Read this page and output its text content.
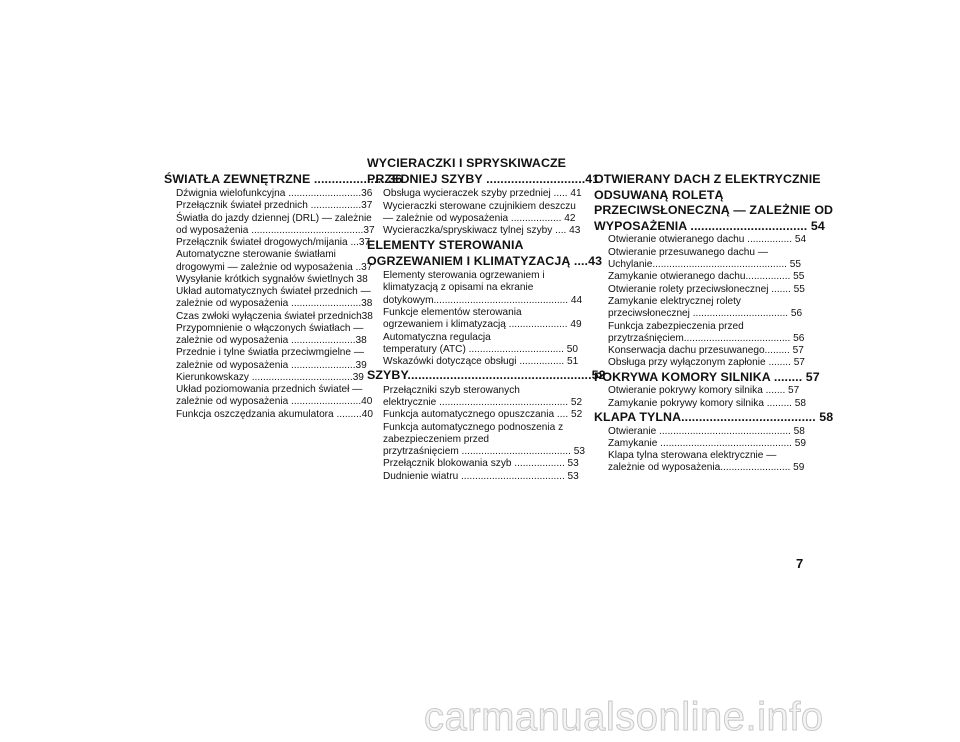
ŚWIATŁA ZEWNĘTRZNE .................... 36
Dźwignia wielofunkcyjna ..........................36
Przełącznik świateł przednich ..................37
Światła do jazdy dziennej (DRL) — zależnie
od wyposażenia ........................................37
Przełącznik świateł drogowych/mijania ...37
Automatyczne sterowanie światłami
drogowymi — zależnie od wyposażenia ..37
Wysyłanie krótkich sygnałów świetlnych 38
Układ automatycznych świateł przednich —
zależnie od wyposażenia .........................38
Czas zwłoki wyłączenia świateł przednich38
Przypomnienie o włączonych światłach —
zależnie od wyposażenia .......................38
Przednie i tylne światła przeciwmgielne —
zależnie od wyposażenia .......................39
Kierunkowskazy ....................................39
Układ poziomowania przednich świateł —
zależnie od wyposażenia .........................40
Funkcja oszczędzania akumulatora .........40
WYCIERACZKI I SPRYSKIWACZE
PRZEDNIEJ SZYBY ............................41
Obsługa wycieraczek szyby przedniej ..... 41
Wycieraczki sterowane czujnikiem deszczu
— zależnie od wyposażenia .................. 42
Wycieraczka/spryskiwacz tylnej szyby .... 43
ELEMENTY STEROWANIA
OGRZEWANIEM I KLIMATYZACJĄ ....43
Elementy sterowania ogrzewaniem i
klimatyzacją z opisami na ekranie
dotykowym................................................ 44
Funkcje elementów sterowania
ogrzewaniem i klimatyzacją ..................... 49
Automatyczna regulacja
temperatury (ATC) .................................. 50
Wskazówki dotyczące obsługi ................ 51
SZYBY....................................................52
Przełączniki szyb sterowanych
elektrycznie .............................................. 52
Funkcja automatycznego opuszczania .... 52
Funkcja automatycznego podnoszenia z
zabezpieczeniem przed
przytrzaśnięciem ....................................... 53
Przełącznik blokowania szyb .................. 53
Dudnienie wiatru ..................................... 53
OTWIERANY DACH Z ELEKTRYCZNIE
ODSUWANĄ ROLETĄ
PRZECIWSŁONECZNĄ — ZALEŻNIE OD
WYPOSAŻENIA ................................. 54
Otwieranie otwieranego dachu ................ 54
Otwieranie przesuwanego dachu —
Uchylanie................................................ 55
Zamykanie otwieranego dachu................ 55
Otwieranie rolety przeciwsłonecznej ....... 55
Zamykanie elektrycznej rolety
przeciwsłonecznej .................................. 56
Funkcja zabezpieczenia przed
przytrzaśnięciem...................................... 56
Konserwacja dachu przesuwanego......... 57
Obsługa przy wyłączonym zapłonie ........ 57
POKRYWA KOMORY SILNIKA ........ 57
Otwieranie pokrywy komory silnika ....... 57
Zamykanie pokrywy komory silnika ......... 58
KLAPA TYLNA...................................... 58
Otwieranie ............................................... 58
Zamykanie ............................................... 59
Klapa tylna sterowana elektrycznie —
zależnie od wyposażenia......................... 59
7
carmanualsonline.info
